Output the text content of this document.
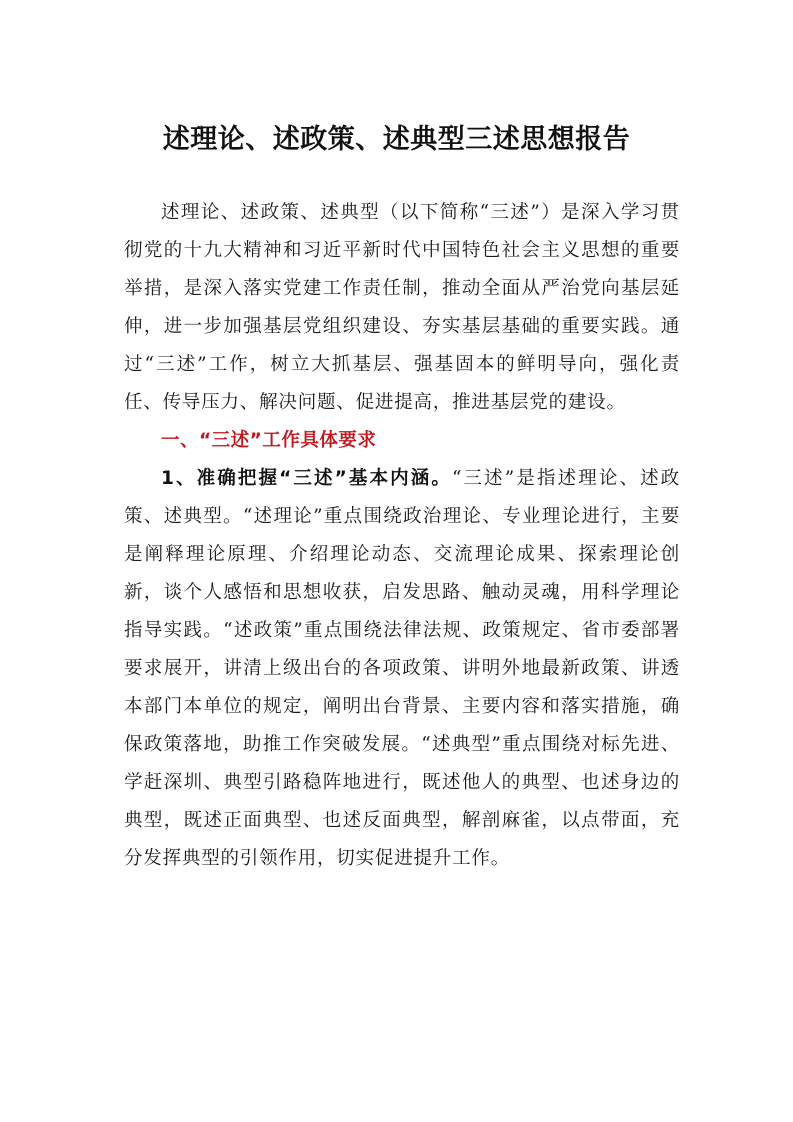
述理论、述政策、述典型三述思想报告

述理论、述政策、述典型（以下简称“三述”）是深入学习贯彻党的十九大精神和习近平新时代中国特色社会主义思想的重要举措，是深入落实党建工作责任制，推动全面从严治党向基层延伸，进一步加强基层党组织建设、夯实基层基础的重要实践。通过“三述”工作，树立大抓基层、强基固本的鲜明导向，强化责任、传导压力、解决问题、促进提高，推进基层党的建设。

一、“三述”工作具体要求

1、准确把握“三述”基本内涵。“三述”是指述理论、述政策、述典型。“述理论”重点围绕政治理论、专业理论进行，主要是阐释理论原理、介绍理论动态、交流理论成果、探索理论创新，谈个人感悟和思想收获，启发思路、触动灵魂，用科学理论指导实践。“述政策”重点围绕法律法规、政策规定、省市委部署要求展开，讲清上级出台的各项政策、讲明外地最新政策、讲透本部门本单位的规定，阐明出台背景、主要内容和落实措施，确保政策落地，助推工作突破发展。“述典型”重点围绕对标先进、学赶深圳、典型引路稳阵地进行，既述他人的典型、也述身边的典型，既述正面典型、也述反面典型，解剖麻雀，以点带面，充分发挥典型的引领作用，切实促进提升工作。
